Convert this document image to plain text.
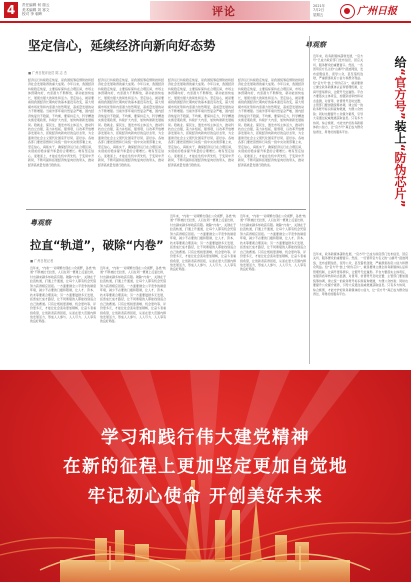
4	责任编辑 何 瑞云
美术编辑 刘 寒文
校对 李 朝晖	评论	2021年
7月2日
星期五	广州日报
坚定信心，延续经济向新向好态势
■ 广州日报评论员 陈 志 杰
经济运行持续稳定恢复，是我国统筹疫情防控和经济社会发展取得的重大成果。今年以来，我国经济持续稳定恢复，主要指标保持在合理区间，市场主体预期向好，内需潜力不断释放，新动能加快成长，展现出强大的韧性和活力。坚定信心，就是要看到我国经济长期向好的基本面没有改变，超大规模市场优势和内需潜力依然明显，高质量发展的动力不断增强。当前外部环境仍然复杂严峻，国内经济恢复仍不稳固、不均衡，要保持定力，科学精准实施宏观政策，持续扩大内需，加快构建新发展格局。稳就业、保民生，激发市场主体活力，推动科技自立自强，着力补短板、强弱项，以改革开放增添发展动力，延续经济向新向好的良好态势，为全面建设社会主义现代化国家开好局、起好步。各地各部门要把思想和行动统一到中央决策部署上来，坚定信心，真抓实干，确保经济运行在合理区间，实现质的稳步提升和量的合理增长。唯有坚定信心、迎难而上，才能在危机中育先机、于变局中开新局，不断巩固和拓展经济恢复向好的势头，推动经济高质量发展行稳致远。
经济运行持续稳定恢复，是我国统筹疫情防控和经济社会发展取得的重大成果。今年以来，我国经济持续稳定恢复，主要指标保持在合理区间，市场主体预期向好，内需潜力不断释放，新动能加快成长，展现出强大的韧性和活力。坚定信心，就是要看到我国经济长期向好的基本面没有改变，超大规模市场优势和内需潜力依然明显，高质量发展的动力不断增强。当前外部环境仍然复杂严峻，国内经济恢复仍不稳固、不均衡，要保持定力，科学精准实施宏观政策，持续扩大内需，加快构建新发展格局。稳就业、保民生，激发市场主体活力，推动科技自立自强，着力补短板、强弱项，以改革开放增添发展动力，延续经济向新向好的良好态势，为全面建设社会主义现代化国家开好局、起好步。各地各部门要把思想和行动统一到中央决策部署上来，坚定信心，真抓实干，确保经济运行在合理区间，实现质的稳步提升和量的合理增长。唯有坚定信心、迎难而上，才能在危机中育先机、于变局中开新局，不断巩固和拓展经济恢复向好的势头，推动经济高质量发展行稳致远。
经济运行持续稳定恢复，是我国统筹疫情防控和经济社会发展取得的重大成果。今年以来，我国经济持续稳定恢复，主要指标保持在合理区间，市场主体预期向好，内需潜力不断释放，新动能加快成长，展现出强大的韧性和活力。坚定信心，就是要看到我国经济长期向好的基本面没有改变，超大规模市场优势和内需潜力依然明显，高质量发展的动力不断增强。当前外部环境仍然复杂严峻，国内经济恢复仍不稳固、不均衡，要保持定力，科学精准实施宏观政策，持续扩大内需，加快构建新发展格局。稳就业、保民生，激发市场主体活力，推动科技自立自强，着力补短板、强弱项，以改革开放增添发展动力，延续经济向新向好的良好态势，为全面建设社会主义现代化国家开好局、起好步。各地各部门要把思想和行动统一到中央决策部署上来，坚定信心，真抓实干，确保经济运行在合理区间，实现质的稳步提升和量的合理增长。唯有坚定信心、迎难而上，才能在危机中育先机、于变局中开新局，不断巩固和拓展经济恢复向好的势头，推动经济高质量发展行稳致远。
经济运行持续稳定恢复，是我国统筹疫情防控和经济社会发展取得的重大成果。今年以来，我国经济持续稳定恢复，主要指标保持在合理区间，市场主体预期向好，内需潜力不断释放，新动能加快成长，展现出强大的韧性和活力。坚定信心，就是要看到我国经济长期向好的基本面没有改变，超大规模市场优势和内需潜力依然明显，高质量发展的动力不断增强。当前外部环境仍然复杂严峻，国内经济恢复仍不稳固、不均衡，要保持定力，科学精准实施宏观政策，持续扩大内需，加快构建新发展格局。稳就业、保民生，激发市场主体活力，推动科技自立自强，着力补短板、强弱项，以改革开放增添发展动力，延续经济向新向好的良好态势，为全面建设社会主义现代化国家开好局、起好步。各地各部门要把思想和行动统一到中央决策部署上来，坚定信心，真抓实干，确保经济运行在合理区间，实现质的稳步提升和量的合理增长。唯有坚定信心、迎难而上，才能在危机中育先机、于变局中开新局，不断巩固和拓展经济恢复向好的势头，推动经济高质量发展行稳致远。
粤观察
粤观察
拉直“轨道”，破除“内卷”
■ 广州日报记者
近年来，“内卷”一词频繁出现在公众视野，各类“轨道”不断被拉长拉宽，人们在同一赛道上反复比拼，付出越来越多却收获有限。破除“内卷”，关键在于拉直轨道，打通上升通道，让每个人都有机会凭借努力获得相应回报。一方面要健全公平竞争的制度环境，减少不必要的门槛和限制，让人才、资本、技术等要素合理流动；另一方面要鼓励多元发展，拓宽成长成才路径，让不同禀赋的人都能找到适合自己的赛道。只有让规则更清晰、机会更均等、评价更多元，才能让社会流动更加顺畅，让奋斗者看到希望，让创新者获得回报，从而在更大范围内释放发展活力，形成人人参与、人人尽力、人人享有的良好局面。
近年来，“内卷”一词频繁出现在公众视野，各类“轨道”不断被拉长拉宽，人们在同一赛道上反复比拼，付出越来越多却收获有限。破除“内卷”，关键在于拉直轨道，打通上升通道，让每个人都有机会凭借努力获得相应回报。一方面要健全公平竞争的制度环境，减少不必要的门槛和限制，让人才、资本、技术等要素合理流动；另一方面要鼓励多元发展，拓宽成长成才路径，让不同禀赋的人都能找到适合自己的赛道。只有让规则更清晰、机会更均等、评价更多元，才能让社会流动更加顺畅，让奋斗者看到希望，让创新者获得回报，从而在更大范围内释放发展活力，形成人人参与、人人尽力、人人享有的良好局面。
近年来，“内卷”一词频繁出现在公众视野，各类“轨道”不断被拉长拉宽，人们在同一赛道上反复比拼，付出越来越多却收获有限。破除“内卷”，关键在于拉直轨道，打通上升通道，让每个人都有机会凭借努力获得相应回报。一方面要健全公平竞争的制度环境，减少不必要的门槛和限制，让人才、资本、技术等要素合理流动；另一方面要鼓励多元发展，拓宽成长成才路径，让不同禀赋的人都能找到适合自己的赛道。只有让规则更清晰、机会更均等、评价更多元，才能让社会流动更加顺畅，让奋斗者看到希望，让创新者获得回报，从而在更大范围内释放发展活力，形成人人参与、人人尽力、人人享有的良好局面。
近年来，“内卷”一词频繁出现在公众视野，各类“轨道”不断被拉长拉宽，人们在同一赛道上反复比拼，付出越来越多却收获有限。破除“内卷”，关键在于拉直轨道，打通上升通道，让每个人都有机会凭借努力获得相应回报。一方面要健全公平竞争的制度环境，减少不必要的门槛和限制，让人才、资本、技术等要素合理流动；另一方面要鼓励多元发展，拓宽成长成才路径，让不同禀赋的人都能找到适合自己的赛道。只有让规则更清晰、机会更均等、评价更多元，才能让社会流动更加顺畅，让奋斗者看到希望，让创新者获得回报，从而在更大范围内释放发展活力，形成人人参与、人人尽力、人人享有的良好局面。
给“官方号”装上“防伪芯片”
近年来，政务新媒体蓬勃发展，“官方号”已成为政府部门发布信息、回应关切、服务群众的重要窗口。然而，一些冒用官方名义的“山寨号”混迹网络，发布虚假信息、误导公众，甚至借机敛财，严重损害政府公信力和群众利益。给“官方号”装上“防伪芯片”，就是要建立健全政务新媒体认证和管理机制，让真号更易辨识、让假号无处遁形。平台方要落实主体责任，加强资质审核和动态监测，对冒用、仿冒账号及时处置；主管部门要加强统筹协调，建立统一的政务账号标识和查询渠道，方便公众核验；同时也要提升公众媒介素养，引导大家通过权威渠道获取信息。只有多方协同、综合施策，才能守护好政务新媒体的公信力，让“官方号”真正成为群众信得过、用得好的服务平台。
近年来，政务新媒体蓬勃发展，“官方号”已成为政府部门发布信息、回应关切、服务群众的重要窗口。然而，一些冒用官方名义的“山寨号”混迹网络，发布虚假信息、误导公众，甚至借机敛财，严重损害政府公信力和群众利益。给“官方号”装上“防伪芯片”，就是要建立健全政务新媒体认证和管理机制，让真号更易辨识、让假号无处遁形。平台方要落实主体责任，加强资质审核和动态监测，对冒用、仿冒账号及时处置；主管部门要加强统筹协调，建立统一的政务账号标识和查询渠道，方便公众核验；同时也要提升公众媒介素养，引导大家通过权威渠道获取信息。只有多方协同、综合施策，才能守护好政务新媒体的公信力，让“官方号”真正成为群众信得过、用得好的服务平台。
学习和践行伟大建党精神
在新的征程上更加坚定更加自觉地
牢记初心使命 开创美好未来
